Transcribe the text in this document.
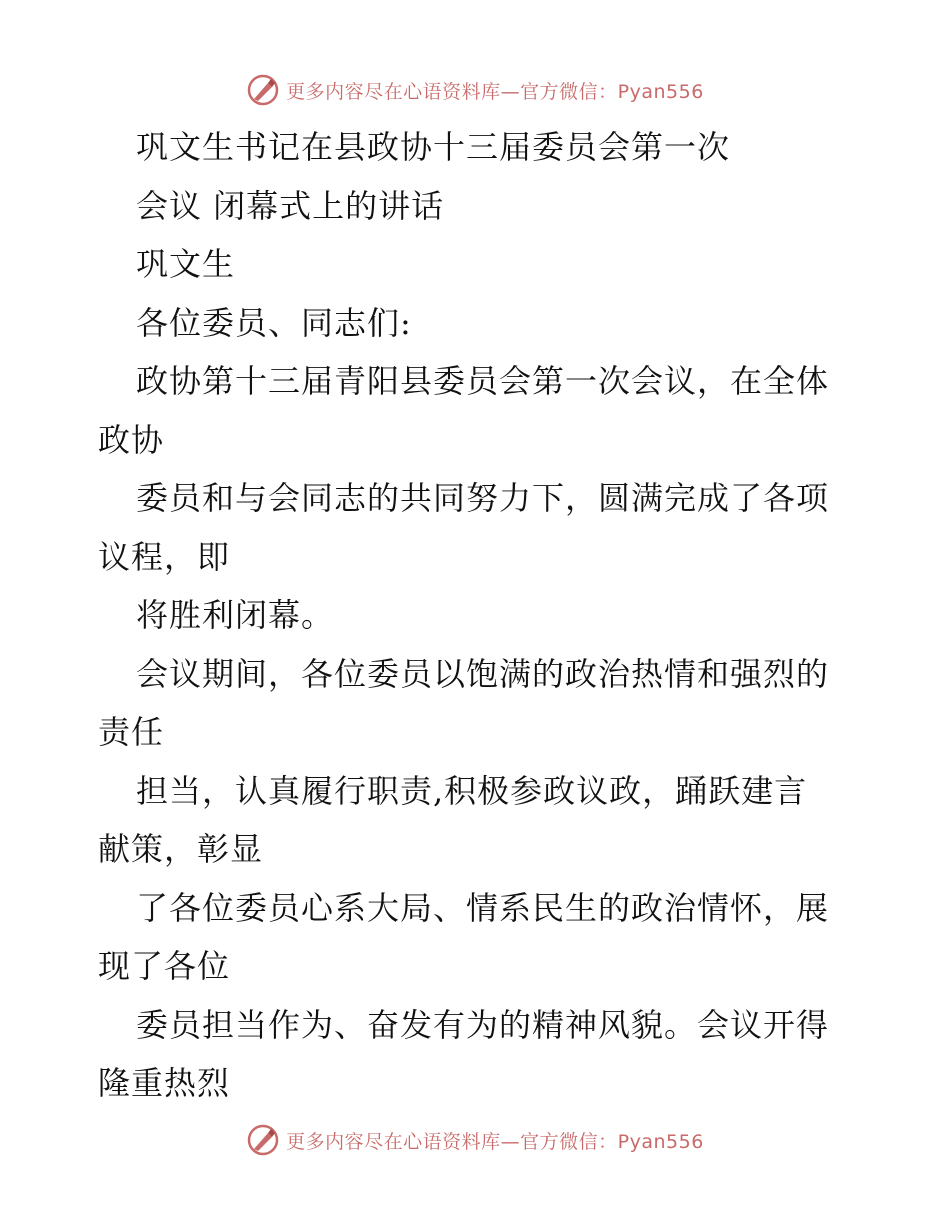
更多内容尽在心语资料库—官方微信：Pyan556
巩文生书记在县政协十三届委员会第一次
会议 闭幕式上的讲话
巩文生
各位委员、同志们:
政协第十三届青阳县委员会第一次会议，在全体
政协
委员和与会同志的共同努力下，圆满完成了各项
议程，即
将胜利闭幕。
会议期间，各位委员以饱满的政治热情和强烈的
责任
担当，认真履行职责,积极参政议政，踊跃建言
献策，彰显
了各位委员心系大局、情系民生的政治情怀，展
现了各位
委员担当作为、奋发有为的精神风貌。会议开得
隆重热烈
更多内容尽在心语资料库—官方微信：Pyan556
